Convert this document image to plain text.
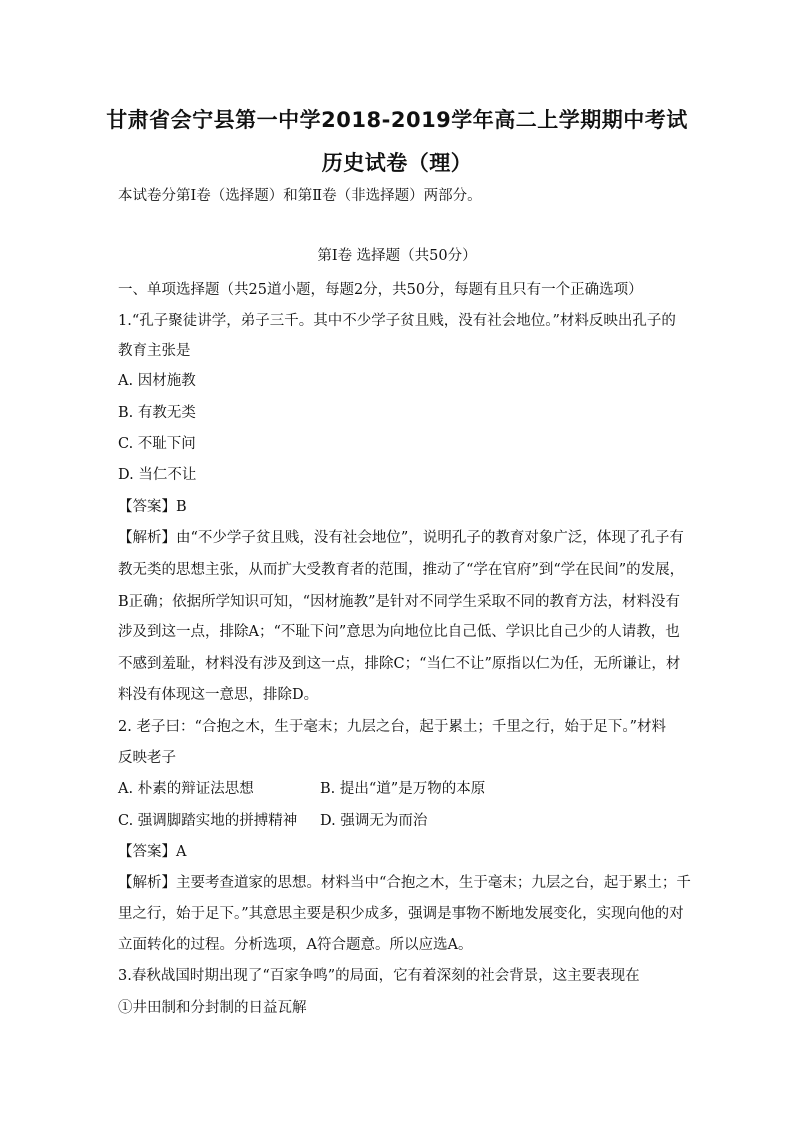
甘肃省会宁县第一中学2018-2019学年高二上学期期中考试
历史试卷（理）
本试卷分第Ⅰ卷（选择题）和第Ⅱ卷（非选择题）两部分。
第Ⅰ卷 选择题（共50分）
一、单项选择题（共25道小题，每题2分，共50分，每题有且只有一个正确选项）
1.“孔子聚徒讲学，弟子三千。其中不少学子贫且贱，没有社会地位。”材料反映出孔子的
教育主张是
A. 因材施教
B. 有教无类
C. 不耻下问
D. 当仁不让
【答案】B
【解析】由“不少学子贫且贱，没有社会地位”，说明孔子的教育对象广泛，体现了孔子有
教无类的思想主张，从而扩大受教育者的范围，推动了“学在官府”到“学在民间”的发展，
B正确；依据所学知识可知，“因材施教”是针对不同学生采取不同的教育方法，材料没有
涉及到这一点，排除A；“不耻下问”意思为向地位比自己低、学识比自己少的人请教，也
不感到羞耻，材料没有涉及到这一点，排除C；“当仁不让”原指以仁为任，无所谦让，材
料没有体现这一意思，排除D。
2. 老子曰：“合抱之木，生于毫末；九层之台，起于累土；千里之行，始于足下。”材料
反映老子
A. 朴素的辩证法思想	B. 提出“道”是万物的本原
C. 强调脚踏实地的拼搏精神	D. 强调无为而治
【答案】A
【解析】主要考查道家的思想。材料当中“合抱之木，生于毫末；九层之台，起于累土；千
里之行，始于足下。”其意思主要是积少成多，强调是事物不断地发展变化，实现向他的对
立面转化的过程。分析选项，A符合题意。所以应选A。
3.春秋战国时期出现了“百家争鸣”的局面，它有着深刻的社会背景，这主要表现在
①井田制和分封制的日益瓦解
